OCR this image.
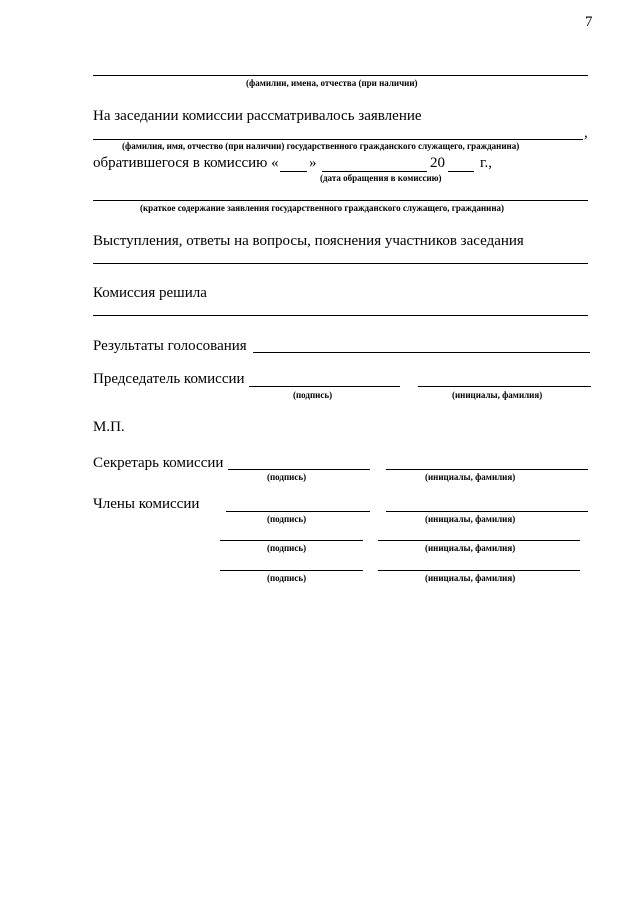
7
(фамилии, имена, отчества (при наличии)
На заседании комиссии рассматривалось заявление
,
(фамилия, имя, отчество (при наличии) государственного гражданского служащего, гражданина)
обратившегося в комиссию « »	20 г.,
(дата обращения в комиссию)
(краткое содержание заявления государственного гражданского служащего, гражданина)
Выступления, ответы на вопросы, пояснения участников заседания
Комиссия решила
Результаты голосования
Председатель комиссии
(подпись)	(инициалы, фамилия)
М.П.
Секретарь комиссии
(подпись)	(инициалы, фамилия)
Члены комиссии
(подпись)	(инициалы, фамилия)
(подпись)	(инициалы, фамилия)
(подпись)	(инициалы, фамилия)
